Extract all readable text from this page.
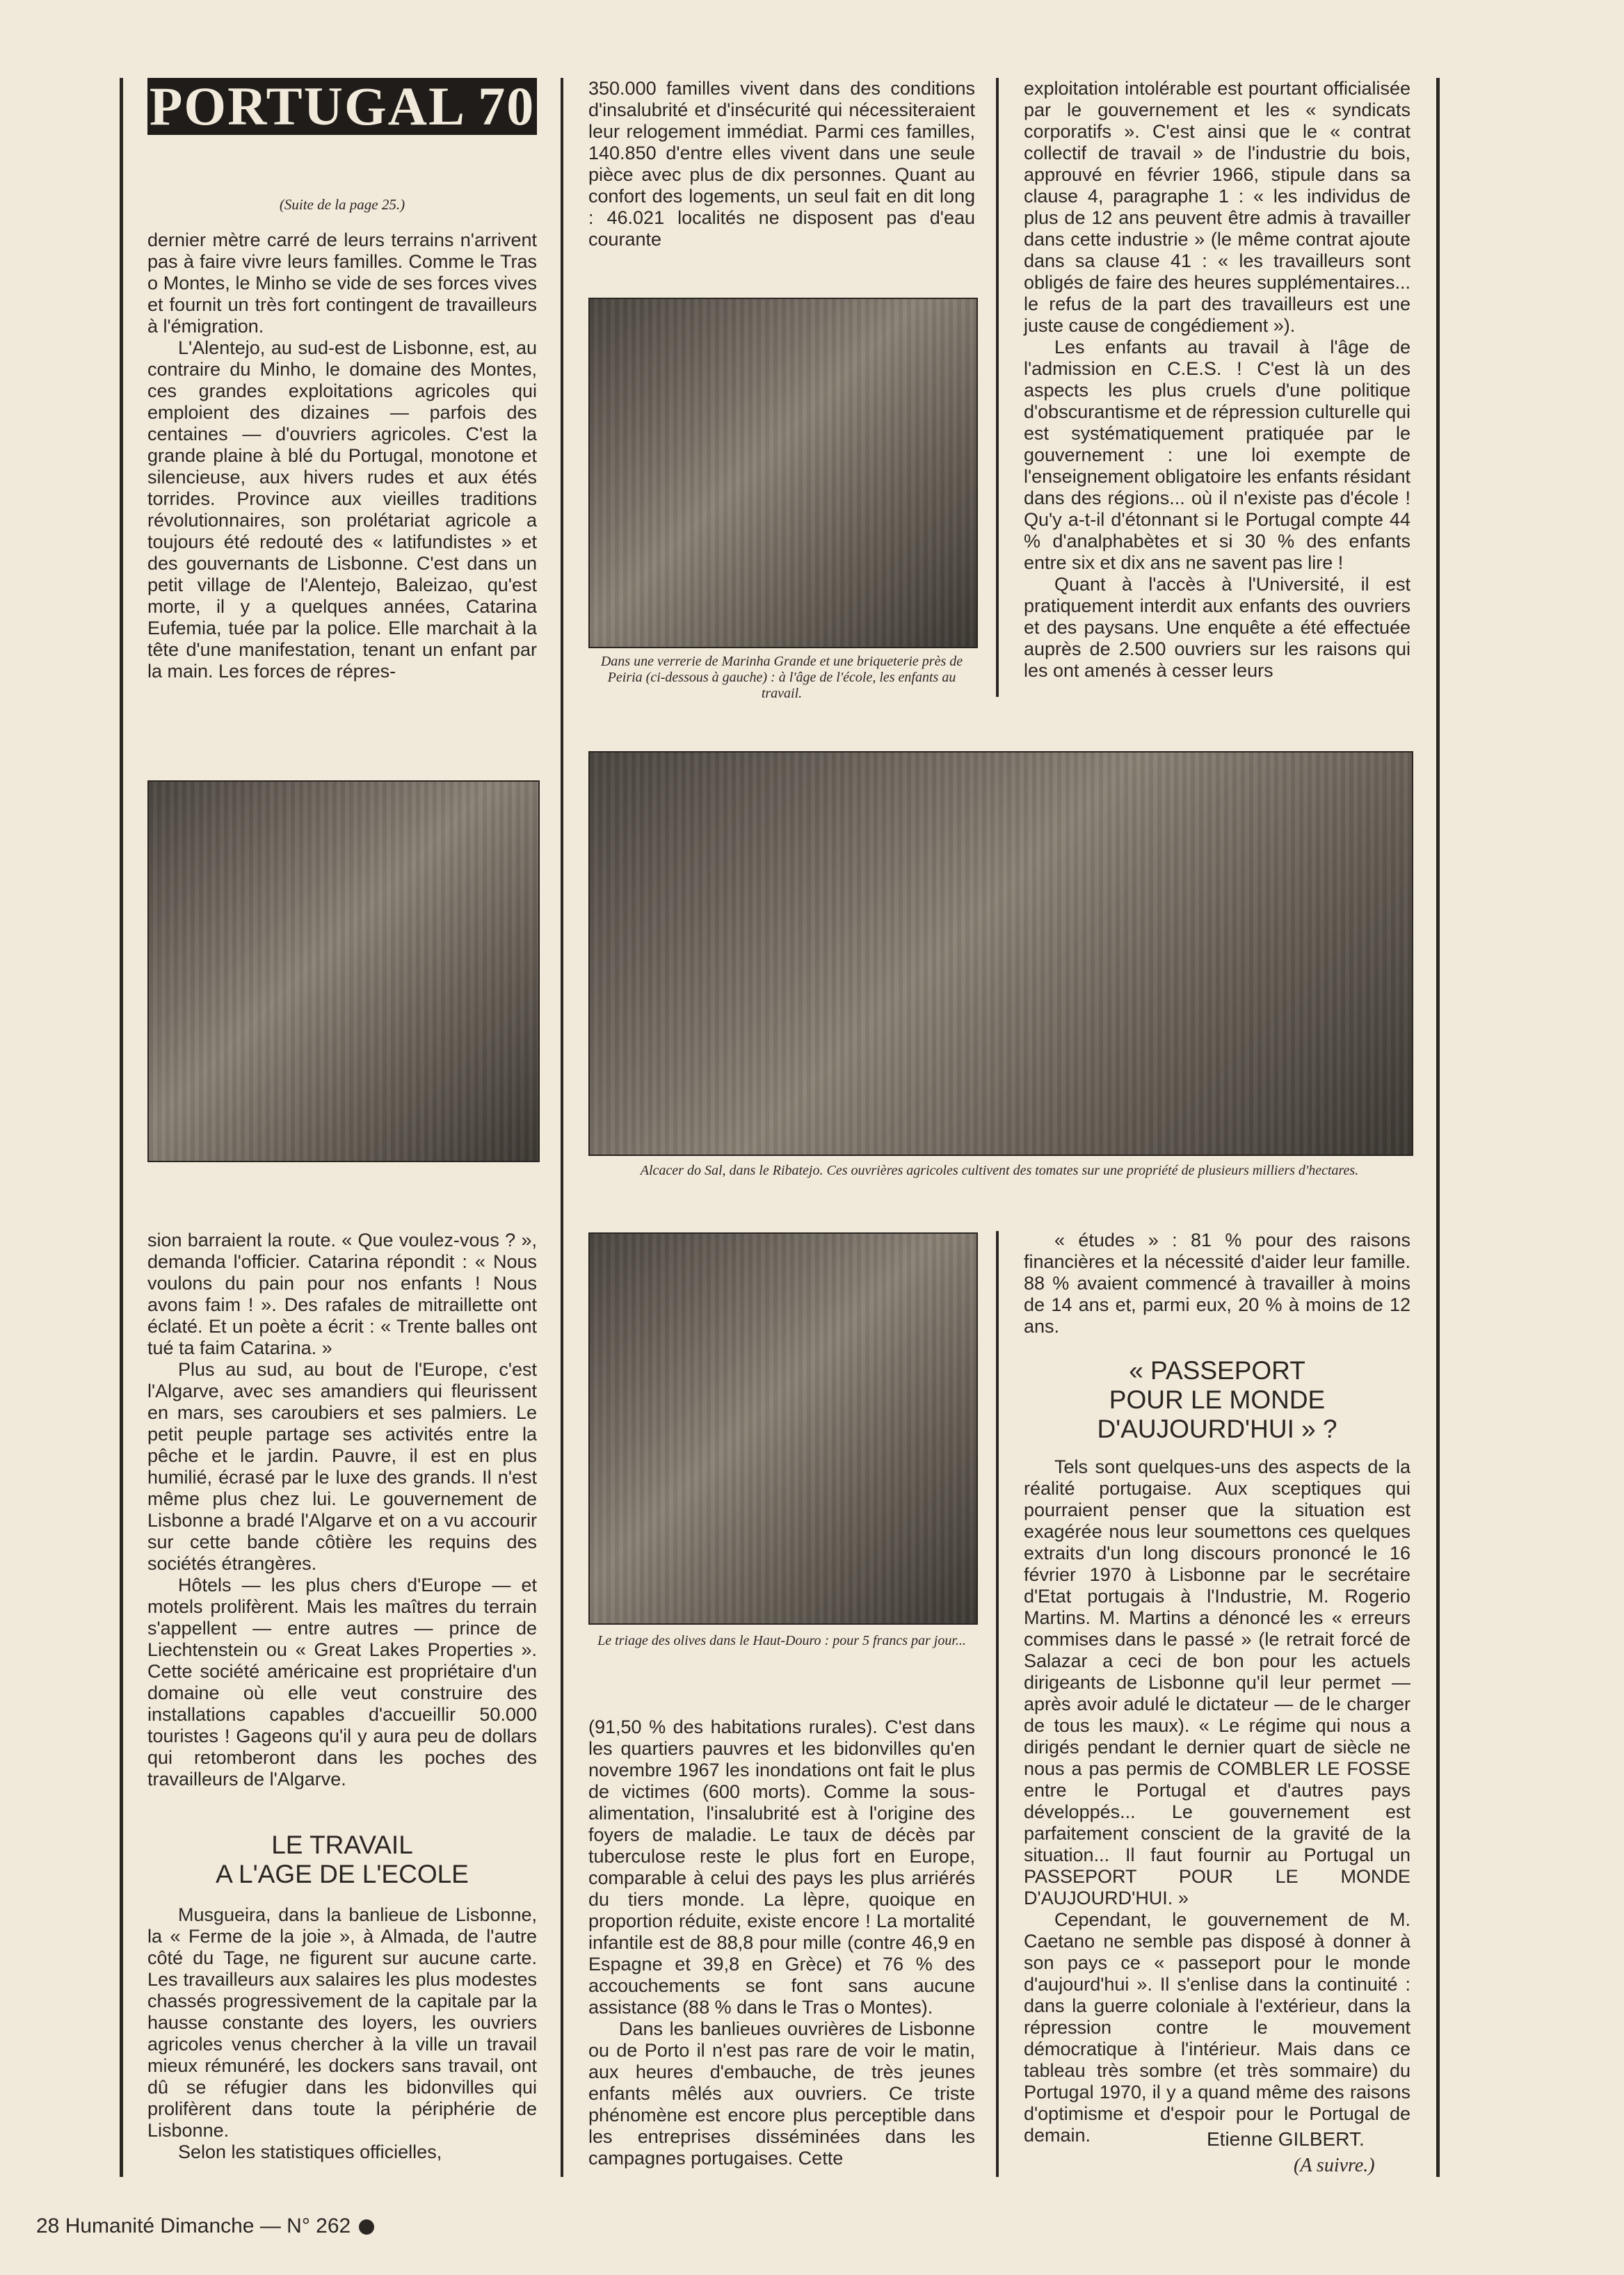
PORTUGAL 70
(Suite de la page 25.)

dernier mètre carré de leurs terrains n'arrivent pas à faire vivre leurs familles. Comme le Tras o Montes, le Minho se vide de ses forces vives et fournit un très fort contingent de travailleurs à l'émigration.

L'Alentejo, au sud-est de Lisbonne, est, au contraire du Minho, le domaine des Montes, ces grandes exploitations agricoles qui emploient des dizaines — parfois des centaines — d'ouvriers agricoles. C'est la grande plaine à blé du Portugal, monotone et silencieuse, aux hivers rudes et aux étés torrides. Province aux vieilles traditions révolutionnaires, son prolétariat agricole a toujours été redouté des « latifundistes » et des gouvernants de Lisbonne. C'est dans un petit village de l'Alentejo, Baleizao, qu'est morte, il y a quelques années, Catarina Eufemia, tuée par la police. Elle marchait à la tête d'une manifestation, tenant un enfant par la main. Les forces de répres-

350.000 familles vivent dans des conditions d'insalubrité et d'insécurité qui nécessiteraient leur relogement immédiat. Parmi ces familles, 140.850 d'entre elles vivent dans une seule pièce avec plus de dix personnes. Quant au confort des logements, un seul fait en dit long : 46.021 localités ne disposent pas d'eau courante

Dans une verrerie de Marinha Grande et une briqueterie près de Peiria (ci-dessous à gauche) : à l'âge de l'école, les enfants au travail.

exploitation intolérable est pourtant officialisée par le gouvernement et les « syndicats corporatifs ». C'est ainsi que le « contrat collectif de travail » de l'industrie du bois, approuvé en février 1966, stipule dans sa clause 4, paragraphe 1 : « les individus de plus de 12 ans peuvent être admis à travailler dans cette industrie » (le même contrat ajoute dans sa clause 41 : « les travailleurs sont obligés de faire des heures supplémentaires... le refus de la part des travailleurs est une juste cause de congédiement »).

Les enfants au travail à l'âge de l'admission en C.E.S. ! C'est là un des aspects les plus cruels d'une politique d'obscurantisme et de répression culturelle qui est systématiquement pratiquée par le gouvernement : une loi exempte de l'enseignement obligatoire les enfants résidant dans des régions... où il n'existe pas d'école ! Qu'y a-t-il d'étonnant si le Portugal compte 44 % d'analphabètes et si 30 % des enfants entre six et dix ans ne savent pas lire !

Quant à l'accès à l'Université, il est pratiquement interdit aux enfants des ouvriers et des paysans. Une enquête a été effectuée auprès de 2.500 ouvriers sur les raisons qui les ont amenés à cesser leurs

Alcacer do Sal, dans le Ribatejo. Ces ouvrières agricoles cultivent des tomates sur une propriété de plusieurs milliers d'hectares.

sion barraient la route. « Que voulez-vous ? », demanda l'officier. Catarina répondit : « Nous voulons du pain pour nos enfants ! Nous avons faim ! ». Des rafales de mitraillette ont éclaté. Et un poète a écrit : « Trente balles ont tué ta faim Catarina. »

Plus au sud, au bout de l'Europe, c'est l'Algarve, avec ses amandiers qui fleurissent en mars, ses caroubiers et ses palmiers. Le petit peuple partage ses activités entre la pêche et le jardin. Pauvre, il est en plus humilié, écrasé par le luxe des grands. Il n'est même plus chez lui. Le gouvernement de Lisbonne a bradé l'Algarve et on a vu accourir sur cette bande côtière les requins des sociétés étrangères.

Hôtels — les plus chers d'Europe — et motels prolifèrent. Mais les maîtres du terrain s'appellent — entre autres — prince de Liechtenstein ou « Great Lakes Properties ». Cette société américaine est propriétaire d'un domaine où elle veut construire des installations capables d'accueillir 50.000 touristes ! Gageons qu'il y aura peu de dollars qui retomberont dans les poches des travailleurs de l'Algarve.

LE TRAVAIL
A L'AGE DE L'ECOLE

Musgueira, dans la banlieue de Lisbonne, la « Ferme de la joie », à Almada, de l'autre côté du Tage, ne figurent sur aucune carte. Les travailleurs aux salaires les plus modestes chassés progressivement de la capitale par la hausse constante des loyers, les ouvriers agricoles venus chercher à la ville un travail mieux rémunéré, les dockers sans travail, ont dû se réfugier dans les bidonvilles qui prolifèrent dans toute la périphérie de Lisbonne.

Selon les statistiques officielles,

Le triage des olives dans le Haut-Douro : pour 5 francs par jour...

(91,50 % des habitations rurales). C'est dans les quartiers pauvres et les bidonvilles qu'en novembre 1967 les inondations ont fait le plus de victimes (600 morts). Comme la sous-alimentation, l'insalubrité est à l'origine des foyers de maladie. Le taux de décès par tuberculose reste le plus fort en Europe, comparable à celui des pays les plus arriérés du tiers monde. La lèpre, quoique en proportion réduite, existe encore ! La mortalité infantile est de 88,8 pour mille (contre 46,9 en Espagne et 39,8 en Grèce) et 76 % des accouchements se font sans aucune assistance (88 % dans le Tras o Montes).

Dans les banlieues ouvrières de Lisbonne ou de Porto il n'est pas rare de voir le matin, aux heures d'embauche, de très jeunes enfants mêlés aux ouvriers. Ce triste phénomène est encore plus perceptible dans les entreprises disséminées dans les campagnes portugaises. Cette

« études » : 81 % pour des raisons financières et la nécessité d'aider leur famille. 88 % avaient commencé à travailler à moins de 14 ans et, parmi eux, 20 % à moins de 12 ans.

« PASSEPORT
POUR LE MONDE
D'AUJOURD'HUI » ?

Tels sont quelques-uns des aspects de la réalité portugaise. Aux sceptiques qui pourraient penser que la situation est exagérée nous leur soumettons ces quelques extraits d'un long discours prononcé le 16 février 1970 à Lisbonne par le secrétaire d'Etat portugais à l'Industrie, M. Rogerio Martins. M. Martins a dénoncé les « erreurs commises dans le passé » (le retrait forcé de Salazar a ceci de bon pour les actuels dirigeants de Lisbonne qu'il leur permet — après avoir adulé le dictateur — de le charger de tous les maux). « Le régime qui nous a dirigés pendant le dernier quart de siècle ne nous a pas permis de COMBLER LE FOSSE entre le Portugal et d'autres pays développés... Le gouvernement est parfaitement conscient de la gravité de la situation... Il faut fournir au Portugal un PASSEPORT POUR LE MONDE D'AUJOURD'HUI. »

Cependant, le gouvernement de M. Caetano ne semble pas disposé à donner à son pays ce « passeport pour le monde d'aujourd'hui ». Il s'enlise dans la continuité : dans la guerre coloniale à l'extérieur, dans la répression contre le mouvement démocratique à l'intérieur. Mais dans ce tableau très sombre (et très sommaire) du Portugal 1970, il y a quand même des raisons d'optimisme et d'espoir pour le Portugal de demain.	Etienne GILBERT.
(A suivre.)
28 Humanité Dimanche — N° 262
